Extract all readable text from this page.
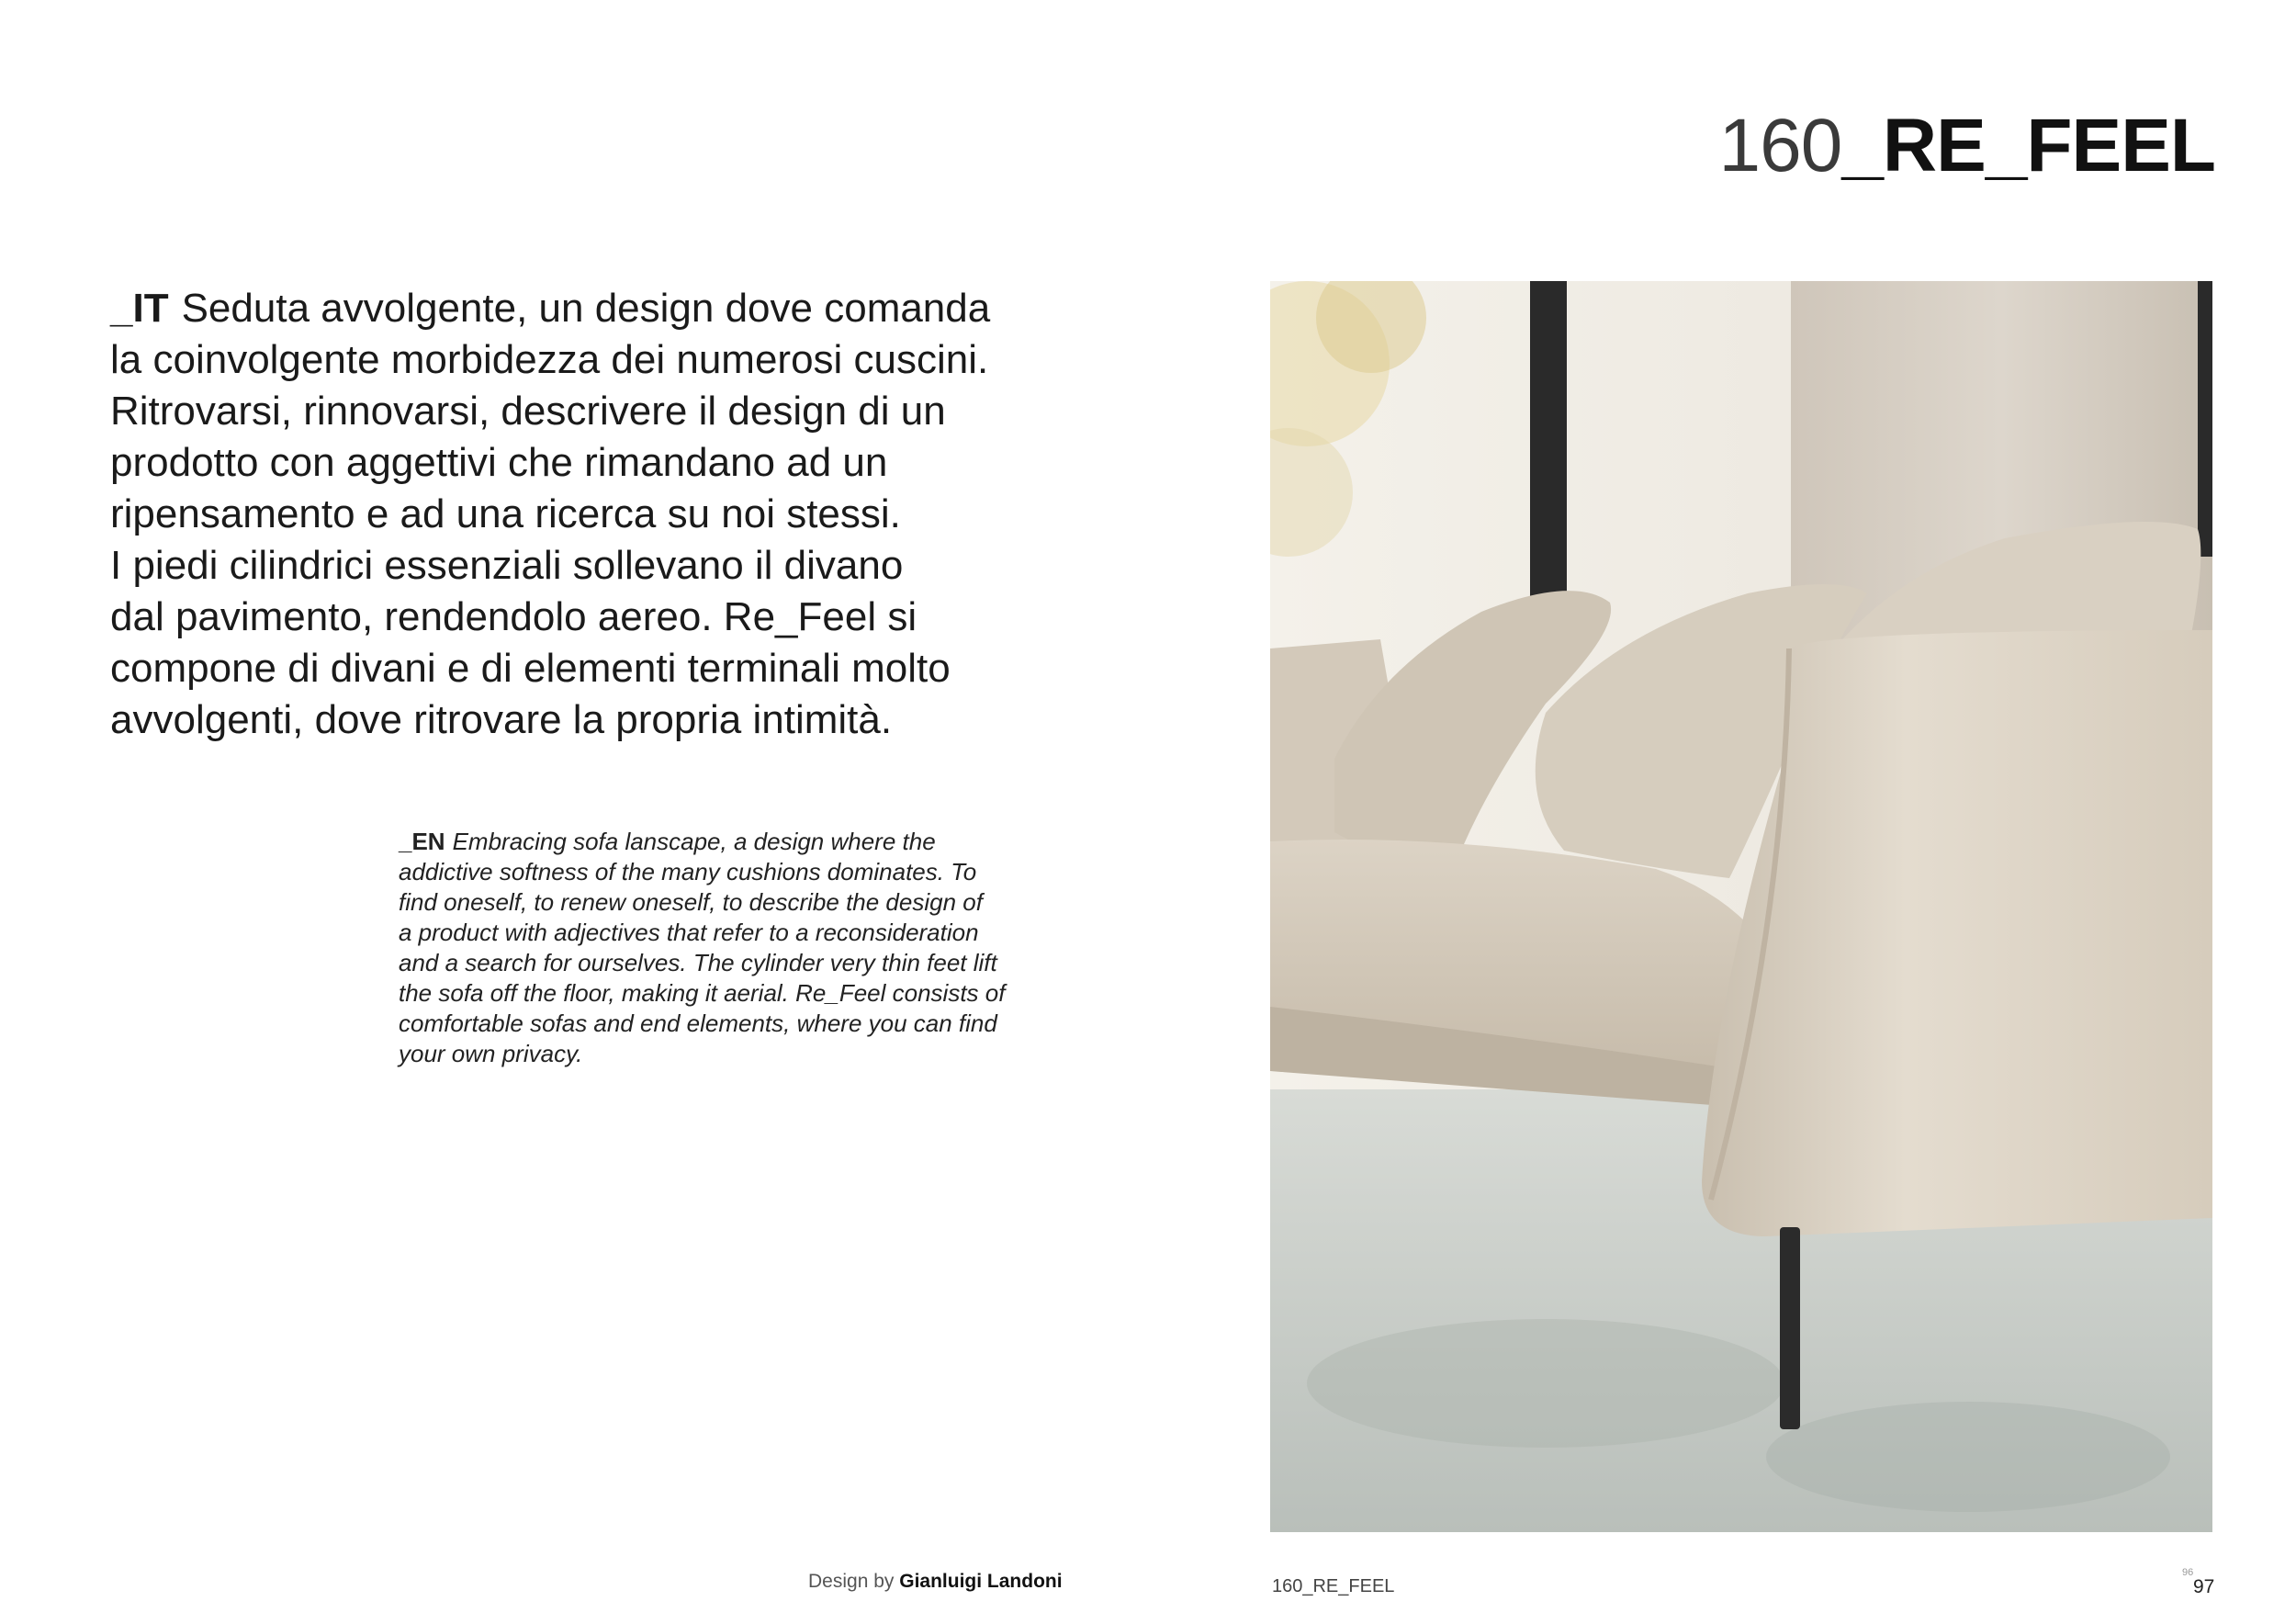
160_RE_FEEL

_IT Seduta avvolgente, un design dove comanda

la coinvolgente morbidezza dei numerosi cuscini.

Ritrovarsi, rinnovarsi, descrivere il design di un

prodotto con aggettivi che rimandano ad un

ripensamento e ad una ricerca su noi stessi.

I piedi cilindrici essenziali sollevano il divano

dal pavimento, rendendolo aereo. Re_Feel si

compone di divani e di elementi terminali molto

avvolgenti, dove ritrovare la propria intimità.

_EN Embracing sofa lanscape, a design where the

addictive softness of the many cushions dominates. To

find oneself, to renew oneself, to describe the design of

a product with adjectives that refer to a reconsideration

and a search for ourselves. The cylinder very thin feet lift

the sofa off the floor, making it aerial. Re_Feel consists of

comfortable sofas and end elements, where you can find

your own privacy.

Design by Gianluigi Landoni	160_RE_FEEL
96
97
